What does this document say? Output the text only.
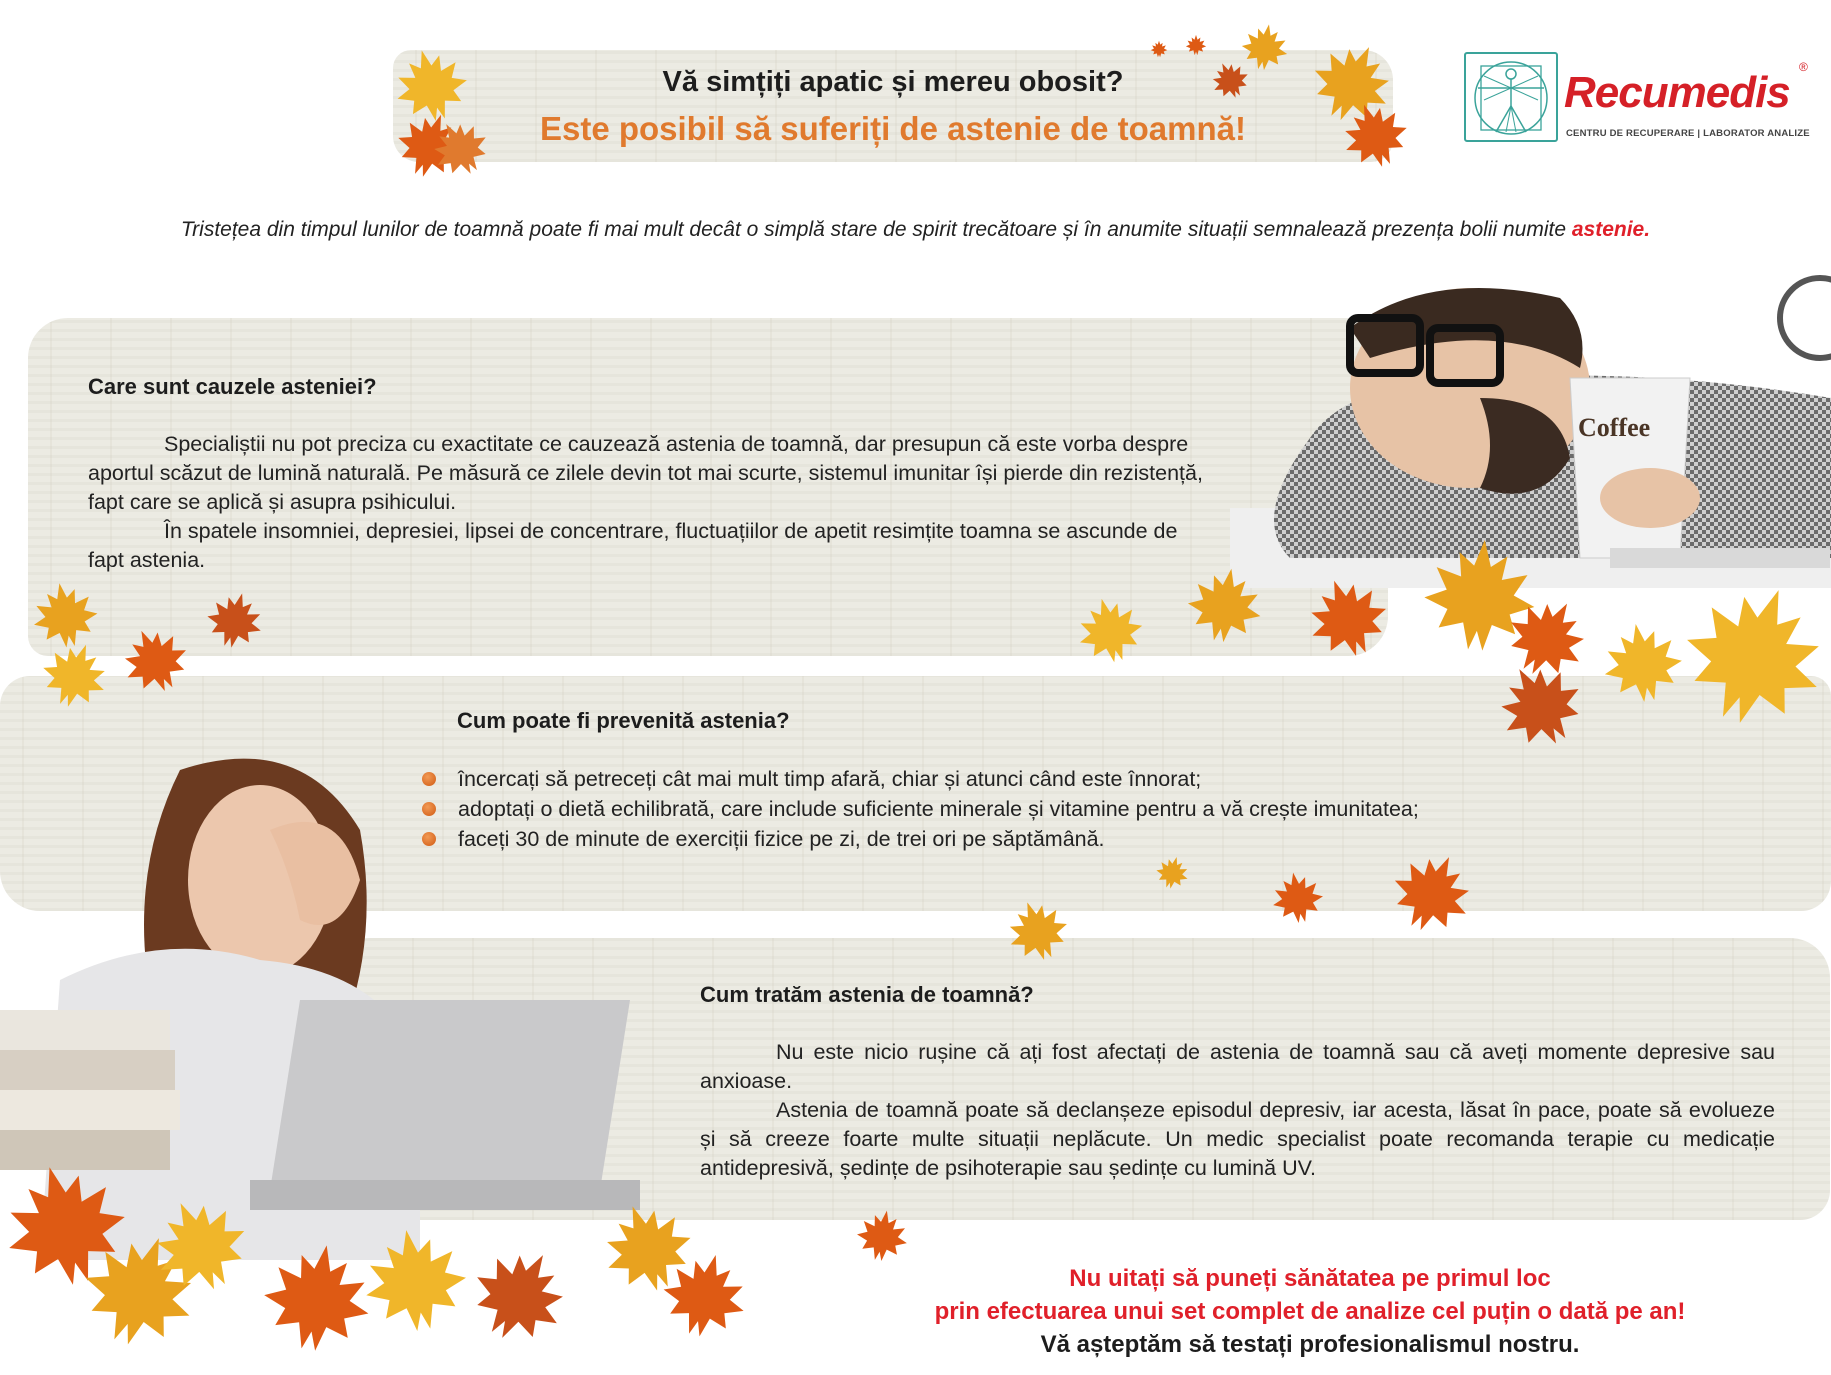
Vă simțiți apatic și mereu obosit?
Este posibil să suferiți de astenie de toamnă!
Recumedis
®
CENTRU DE RECUPERARE | LABORATOR ANALIZE
Tristețea din timpul lunilor de toamnă poate fi mai mult decât o simplă stare de spirit trecătoare și în anumite situații semnalează prezența bolii numite astenie.
Coffee
Care sunt cauzele asteniei?

Specialiștii nu pot preciza cu exactitate ce cauzează astenia de toamnă, dar presupun că este vorba despre aportul scăzut de lumină naturală. Pe măsură ce zilele devin tot mai scurte, sistemul imunitar își pierde din rezistență, fapt care se aplică și asupra psihicului.

În spatele insomniei, depresiei, lipsei de concentrare, fluctuațiilor de apetit resimțite toamna se ascunde de fapt astenia.

Cum poate fi prevenită astenia?
încercați să petreceți cât mai mult timp afară, chiar și atunci când este înnorat;
adoptați o dietă echilibrată, care include suficiente minerale și vitamine pentru a vă crește imunitatea;
faceți 30 de minute de exerciții fizice pe zi, de trei ori pe săptămână.
Cum tratăm astenia de toamnă?

Nu este nicio rușine că ați fost afectați de astenia de toamnă sau că aveți momente depresive sau anxioase.

Astenia de toamnă poate să declanșeze episodul depresiv, iar acesta, lăsat în pace, poate să evolueze și să creeze foarte multe situații neplăcute. Un medic specialist poate recomanda terapie cu medicație antidepresivă, ședințe de psihoterapie sau ședințe cu lumină UV.

Nu uitați să puneți sănătatea pe primul loc
prin efectuarea unui set complet de analize cel puțin o dată pe an!
Vă așteptăm să testați profesionalismul nostru.
